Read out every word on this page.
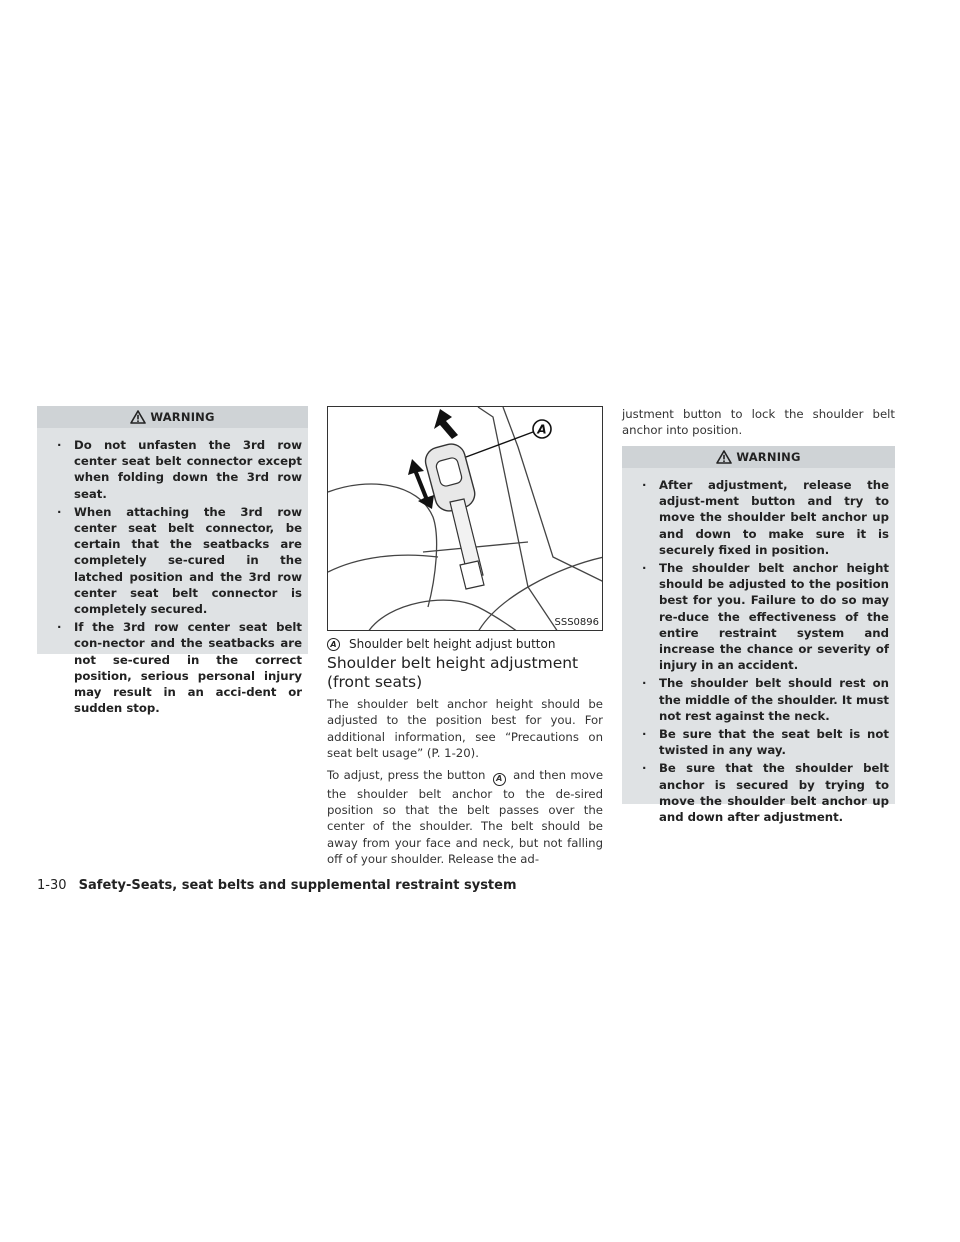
WARNING
· Do not unfasten the 3rd row center seat belt connector except when folding down the 3rd row seat.
· When attaching the 3rd row center seat belt connector, be certain that the seatbacks are completely se-cured in the latched position and the 3rd row center seat belt connector is completely secured.
· If the 3rd row center seat belt con-nector and the seatbacks are not se-cured in the correct position, serious personal injury may result in an acci-dent or sudden stop.
A
SSS0896
A Shoulder belt height adjust button
Shoulder belt height adjustment (front seats)

The shoulder belt anchor height should be adjusted to the position best for you. For additional information, see “Precautions on seat belt usage” (P. 1-20).

To adjust, press the button A and then move the shoulder belt anchor to the de-sired position so that the belt passes over the center of the shoulder. The belt should be away from your face and neck, but not falling off of your shoulder. Release the ad-

justment button to lock the shoulder belt anchor into position.

WARNING
· After adjustment, release the adjust-ment button and try to move the shoulder belt anchor up and down to make sure it is securely fixed in position.
· The shoulder belt anchor height should be adjusted to the position best for you. Failure to do so may re-duce the effectiveness of the entire restraint system and increase the chance or severity of injury in an accident.
· The shoulder belt should rest on the middle of the shoulder. It must not rest against the neck.
· Be sure that the seat belt is not twisted in any way.
· Be sure that the shoulder belt anchor is secured by trying to move the shoulder belt anchor up and down after adjustment.
1-30 Safety-Seats, seat belts and supplemental restraint system
